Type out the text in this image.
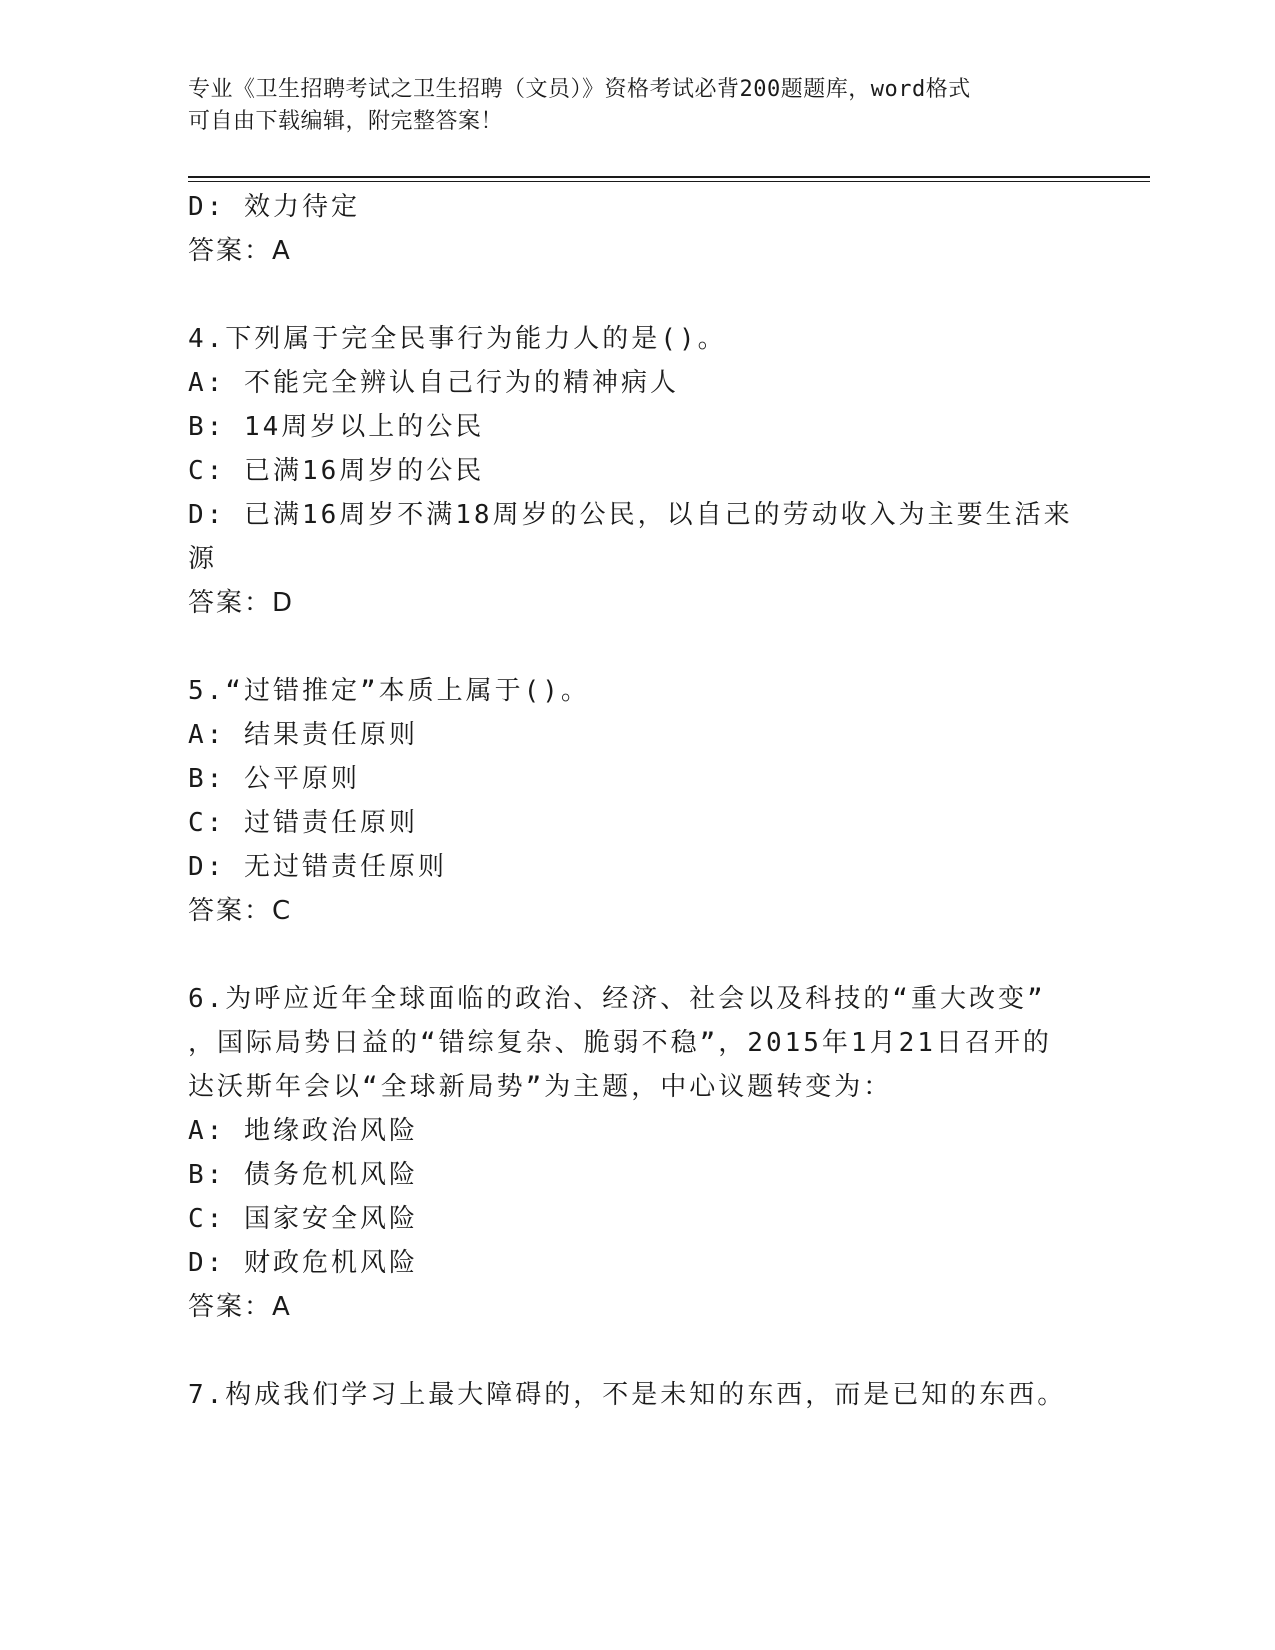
专业《卫生招聘考试之卫生招聘（文员）》资格考试必背200题题库，word格式
可自由下载编辑，附完整答案！
D: 效力待定
答案：A
4.下列属于完全民事行为能力人的是()。
A: 不能完全辨认自己行为的精神病人
B: 14周岁以上的公民
C: 已满16周岁的公民
D: 已满16周岁不满18周岁的公民，以自己的劳动收入为主要生活来
源
答案：D
5.“过错推定”本质上属于()。
A: 结果责任原则
B: 公平原则
C: 过错责任原则
D: 无过错责任原则
答案：C
6.为呼应近年全球面临的政治、经济、社会以及科技的“重大改变”
，国际局势日益的“错综复杂、脆弱不稳”，2015年1月21日召开的
达沃斯年会以“全球新局势”为主题，中心议题转变为：
A: 地缘政治风险
B: 债务危机风险
C: 国家安全风险
D: 财政危机风险
答案：A
7.构成我们学习上最大障碍的，不是未知的东西，而是已知的东西。
